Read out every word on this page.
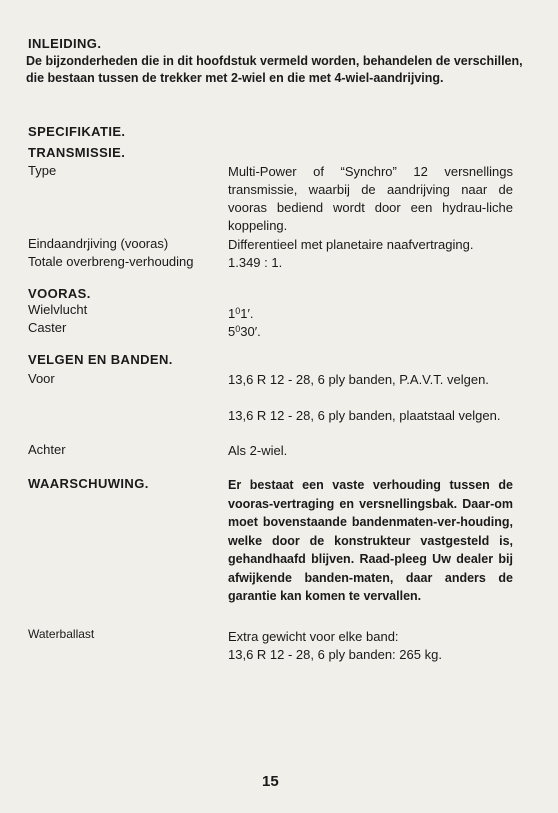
INLEIDING.
De bijzonderheden die in dit hoofdstuk vermeld worden, behandelen de verschillen, die bestaan tussen de trekker met 2-wiel en die met 4-wiel-aandrijving.
SPECIFIKATIE.
TRANSMISSIE.
Type	Multi-Power of “Synchro” 12 versnellings transmissie, waarbij de aandrijving naar de vooras bediend wordt door een hydrau-liche koppeling.
Eindaandrjiving (vooras)	Differentieel met planetaire naafvertraging.
Totale overbreng-verhouding	1.349 : 1.
VOORAS.
Wielvlucht	$1^01'$.
Caster	$5^030'$.
VELGEN EN BANDEN.
Voor	13,6 R 12 - 28, 6 ply banden, P.A.V.T. velgen.
13,6 R 12 - 28, 6 ply banden, plaatstaal velgen.
Achter	Als 2-wiel.
WAARSCHUWING.	Er bestaat een vaste verhouding tussen de vooras-vertraging en versnellingsbak. Daar-om moet bovenstaande bandenmaten-ver-houding, welke door de konstrukteur vastgesteld is, gehandhaafd blijven. Raad-pleeg Uw dealer bij afwijkende banden-maten, daar anders de garantie kan komen te vervallen.
Waterballast	Extra gewicht voor elke band:
13,6 R 12 - 28, 6 ply banden: 265 kg.
15
